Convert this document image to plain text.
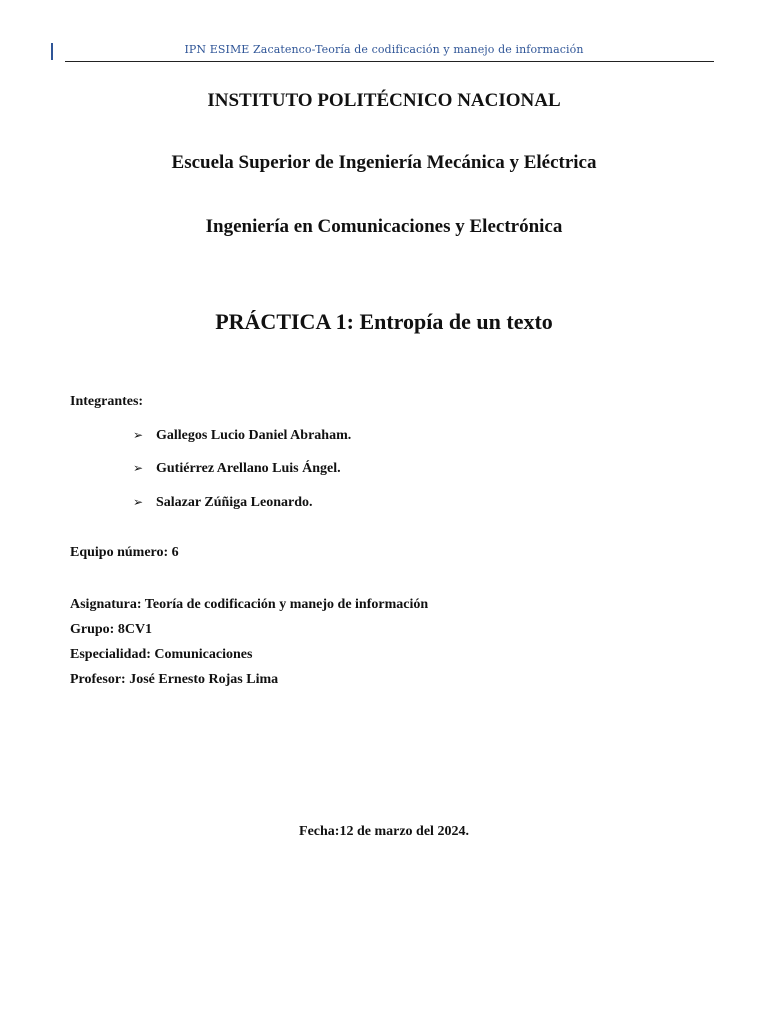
IPN ESIME Zacatenco-Teoría de codificación y manejo de información
INSTITUTO POLITÉCNICO NACIONAL
Escuela Superior de Ingeniería Mecánica y Eléctrica
Ingeniería en Comunicaciones y Electrónica
PRÁCTICA 1: Entropía de un texto
Integrantes:
➢ Gallegos Lucio Daniel Abraham.
➢ Gutiérrez Arellano Luis Ángel.
➢ Salazar Zúñiga Leonardo.
Equipo número: 6
Asignatura: Teoría de codificación y manejo de información
Grupo: 8CV1
Especialidad: Comunicaciones
Profesor: José Ernesto Rojas Lima
Fecha:12 de marzo del 2024.
